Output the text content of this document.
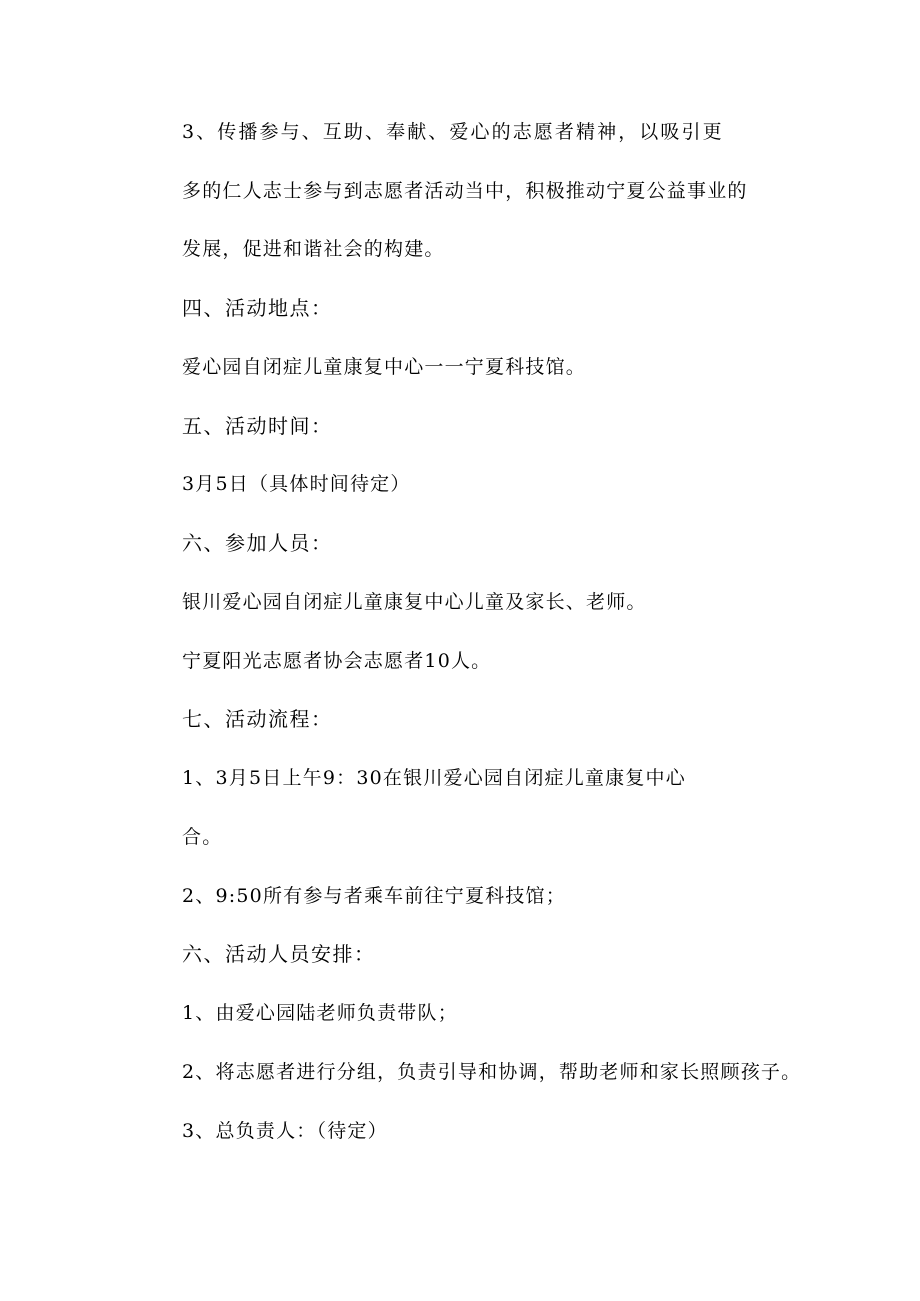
3、传播参与、互助、奉献、爱心的志愿者精神，以吸引更
多的仁人志士参与到志愿者活动当中，积极推动宁夏公益事业的
发展，促进和谐社会的构建。
四、活动地点：
爱心园自闭症儿童康复中心一一宁夏科技馆。
五、活动时间：
3月5日（具体时间待定）
六、参加人员：
银川爱心园自闭症儿童康复中心儿童及家长、老师。
宁夏阳光志愿者协会志愿者10人。
七、活动流程：
1、3月5日上午9：30在银川爱心园自闭症儿童康复中心
合。
2、9:50所有参与者乘车前往宁夏科技馆；
六、活动人员安排：
1、由爱心园陆老师负责带队；
2、将志愿者进行分组，负责引导和协调，帮助老师和家长照顾孩子。
3、总负责人：（待定）
